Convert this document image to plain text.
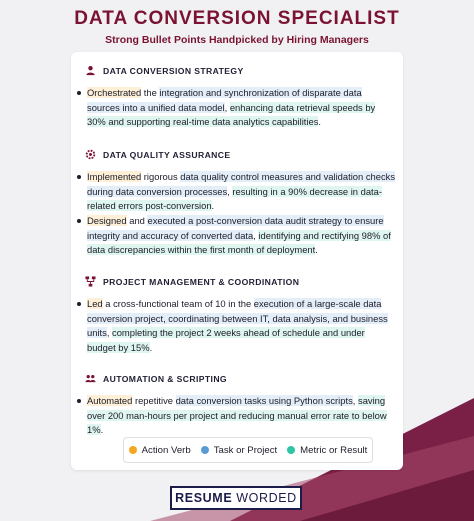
DATA CONVERSION SPECIALIST
Strong Bullet Points Handpicked by Hiring Managers
DATA CONVERSION STRATEGY
Orchestrated the integration and synchronization of disparate data sources into a unified data model, enhancing data retrieval speeds by 30% and supporting real-time data analytics capabilities.
DATA QUALITY ASSURANCE
Implemented rigorous data quality control measures and validation checks during data conversion processes, resulting in a 90% decrease in data-related errors post-conversion.
Designed and executed a post-conversion data audit strategy to ensure integrity and accuracy of converted data, identifying and rectifying 98% of data discrepancies within the first month of deployment.
PROJECT MANAGEMENT & COORDINATION
Led a cross-functional team of 10 in the execution of a large-scale data conversion project, coordinating between IT, data analysis, and business units, completing the project 2 weeks ahead of schedule and under budget by 15%.
AUTOMATION & SCRIPTING
Automated repetitive data conversion tasks using Python scripts, saving over 200 man-hours per project and reducing manual error rate to below 1%.
Action Verb Task or Project Metric or Result
RESUME WORDED
